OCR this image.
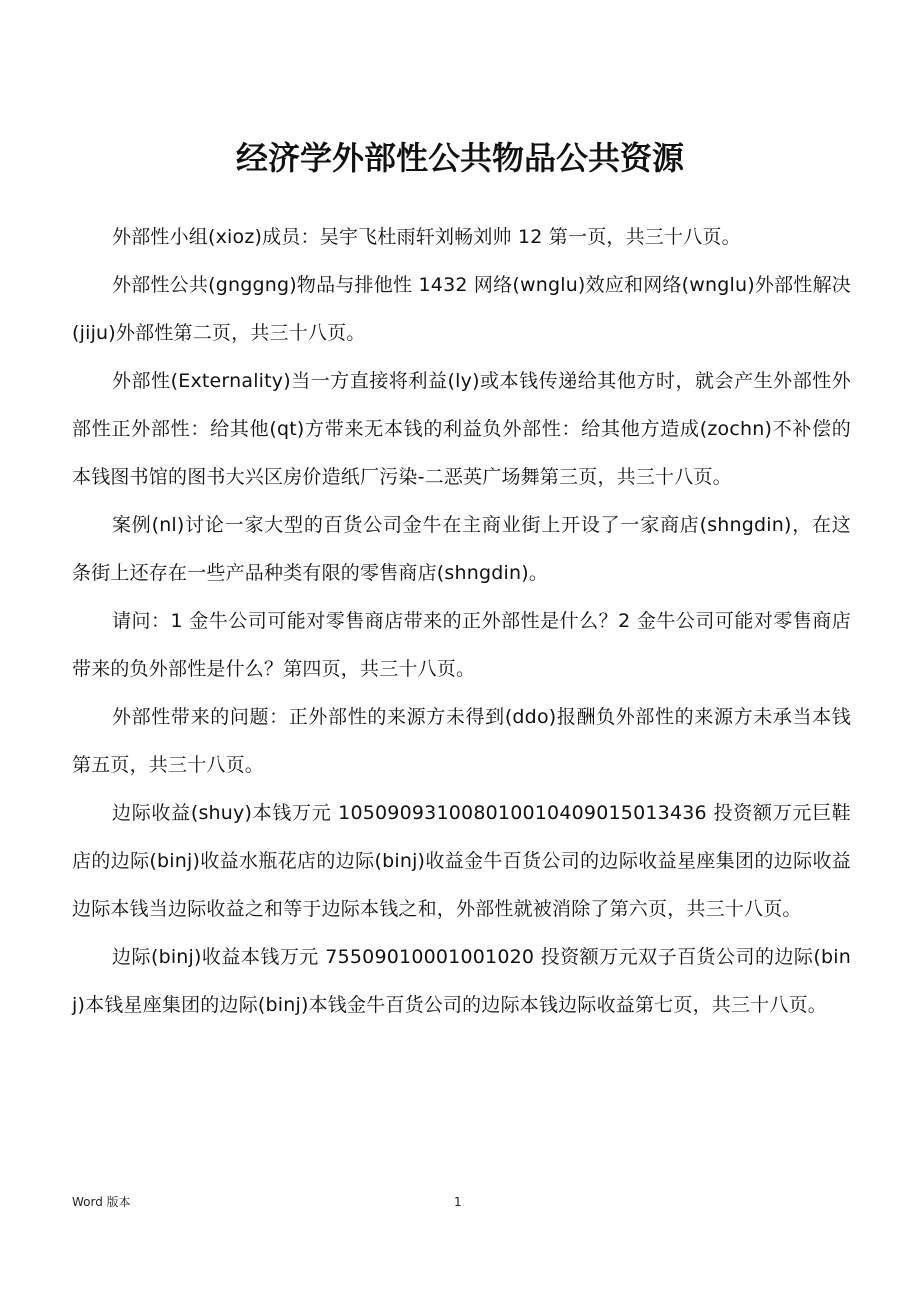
经济学外部性公共物品公共资源

外部性小组(xioz)成员：吴宇飞杜雨轩刘畅刘帅 12 第一页，共三十八页。

外部性公共(gnggng)物品与排他性 1432 网络(wnglu)效应和网络(wnglu)外部性解决(jiju)外部性第二页，共三十八页。

外部性(Externality)当一方直接将利益(ly)或本钱传递给其他方时，就会产生外部性外部性正外部性：给其他(qt)方带来无本钱的利益负外部性：给其他方造成(zochn)不补偿的本钱图书馆的图书大兴区房价造纸厂污染-二恶英广场舞第三页，共三十八页。

案例(nl)讨论一家大型的百货公司金牛在主商业街上开设了一家商店(shngdin)，在这条街上还存在一些产品种类有限的零售商店(shngdin)。

请问：1 金牛公司可能对零售商店带来的正外部性是什么？2 金牛公司可能对零售商店带来的负外部性是什么？第四页，共三十八页。

外部性带来的问题：正外部性的来源方未得到(ddo)报酬负外部性的来源方未承当本钱第五页，共三十八页。

边际收益(shuy)本钱万元 1050909310080100104090150134​36 投资额万元巨鞋店的边际(binj)收益水瓶花店的边际(binj)收益金牛百货公司的边际收益星座集团的边际收益边际本钱当边际收益之和等于边际本钱之和，外部性就被消除了第六页，共三十八页。

边际(binj)收益本钱万元 75509010001001020 投资额万元双子百货公司的边际(binj)本钱星座集团的边际(binj)本钱金牛百货公司的边际本钱边际收益第七页，共三十八页。

Word 版本	1
